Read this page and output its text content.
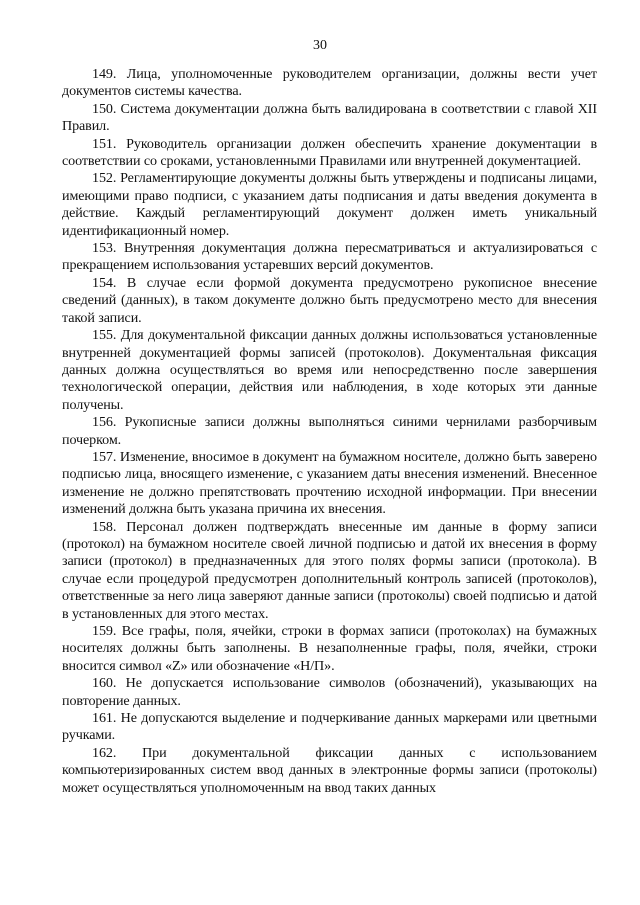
30

149. Лица, уполномоченные руководителем организации, должны вести учет документов системы качества.

150. Система документации должна быть валидирована в соответствии с главой XII Правил.

151. Руководитель организации должен обеспечить хранение документации в соответствии со сроками, установленными Правилами или внутренней документацией.

152. Регламентирующие документы должны быть утверждены и подписаны лицами, имеющими право подписи, с указанием даты подписания и даты введения документа в действие. Каждый регламентирующий документ должен иметь уникальный идентификационный номер.

153. Внутренняя документация должна пересматриваться и актуализироваться с прекращением использования устаревших версий документов.

154. В случае если формой документа предусмотрено рукописное внесение сведений (данных), в таком документе должно быть предусмотрено место для внесения такой записи.

155. Для документальной фиксации данных должны использоваться установленные внутренней документацией формы записей (протоколов). Документальная фиксация данных должна осуществляться во время или непосредственно после завершения технологической операции, действия или наблюдения, в ходе которых эти данные получены.

156. Рукописные записи должны выполняться синими чернилами разборчивым почерком.

157. Изменение, вносимое в документ на бумажном носителе, должно быть заверено подписью лица, вносящего изменение, с указанием даты внесения изменений. Внесенное изменение не должно препятствовать прочтению исходной информации. При внесении изменений должна быть указана причина их внесения.

158. Персонал должен подтверждать внесенные им данные в форму записи (протокол) на бумажном носителе своей личной подписью и датой их внесения в форму записи (протокол) в предназначенных для этого полях формы записи (протокола). В случае если процедурой предусмотрен дополнительный контроль записей (протоколов), ответственные за него лица заверяют данные записи (протоколы) своей подписью и датой в установленных для этого местах.

159. Все графы, поля, ячейки, строки в формах записи (протоколах) на бумажных носителях должны быть заполнены. В незаполненные графы, поля, ячейки, строки вносится символ «Z» или обозначение «Н/П».

160. Не допускается использование символов (обозначений), указывающих на повторение данных.

161. Не допускаются выделение и подчеркивание данных маркерами или цветными ручками.

162. При документальной фиксации данных с использованием компьютеризированных систем ввод данных в электронные формы записи (протоколы) может осуществляться уполномоченным на ввод таких данных
